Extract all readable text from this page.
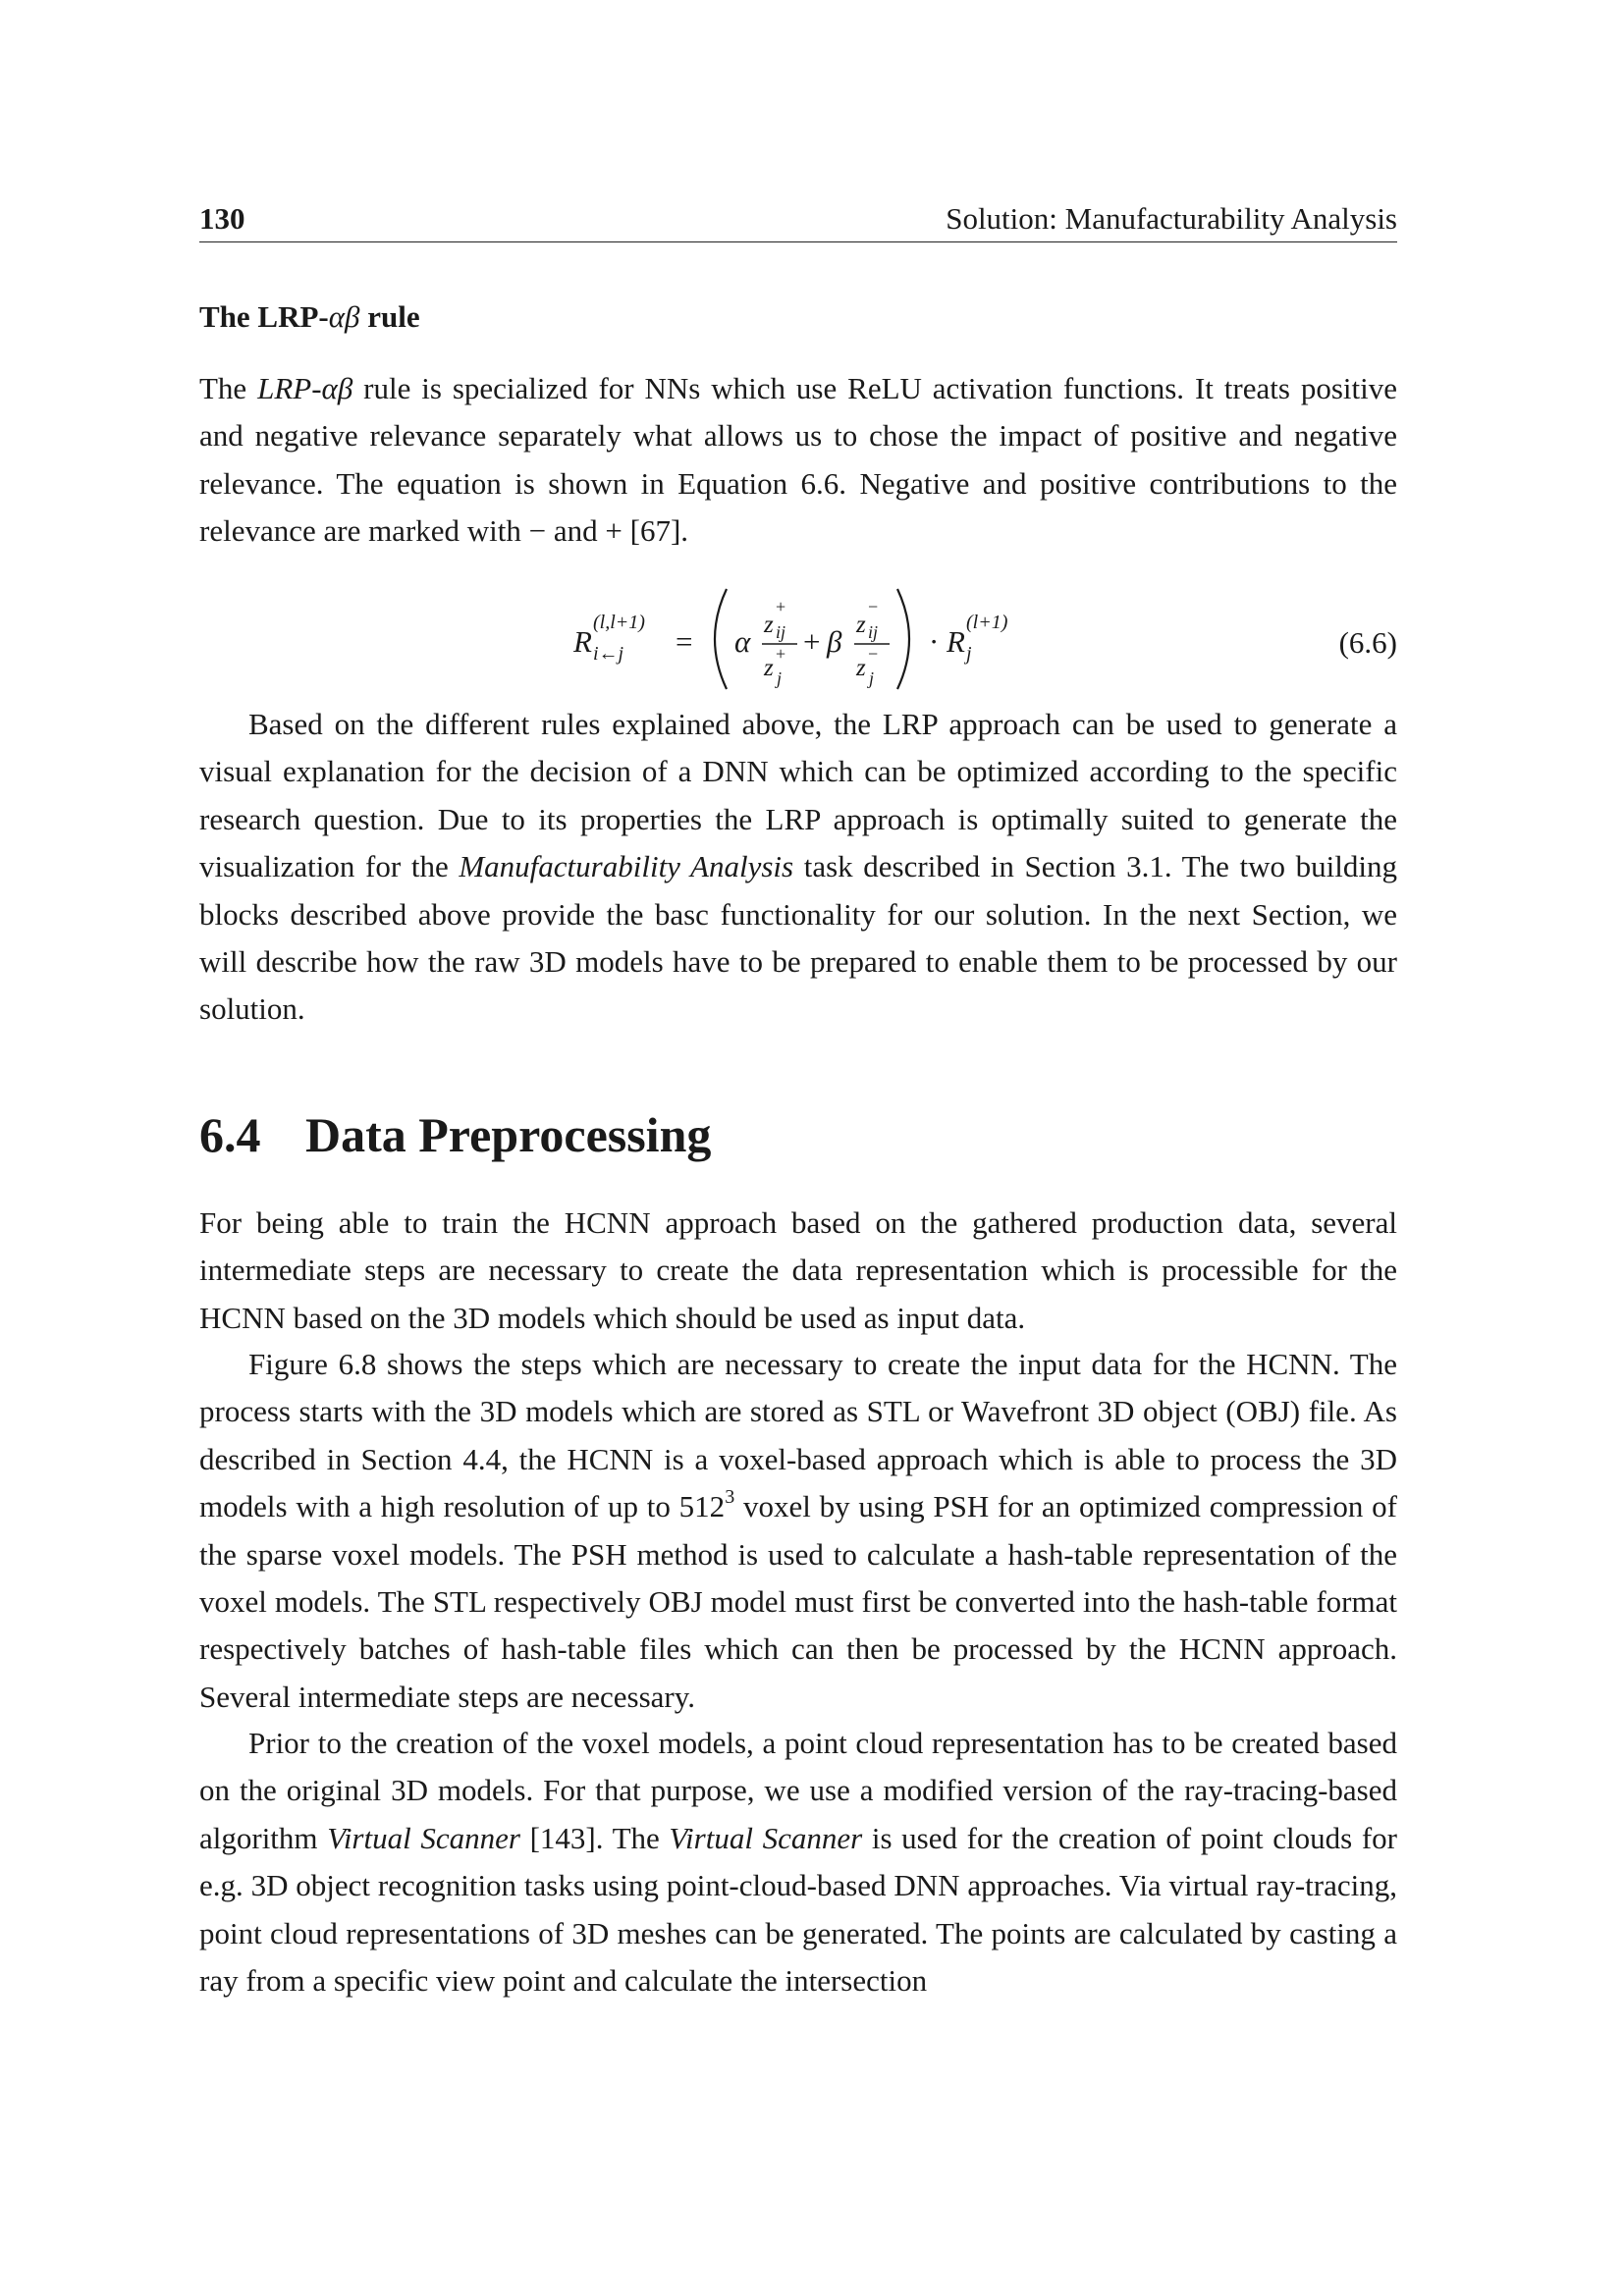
130	Solution: Manufacturability Analysis
The LRP-αβ rule

The LRP-αβ rule is specialized for NNs which use ReLU activation functions. It treats positive and negative relevance separately what allows us to chose the impact of positive and negative relevance. The equation is shown in Equation 6.6. Negative and positive contributions to the relevance are marked with − and + [67].

R
(l,l+1)
i←j = α z
+
ij
z
+
j
+ β z
−
ij
z
−
j
· R
(l+1)
j	(6.6)

Based on the different rules explained above, the LRP approach can be used to generate a visual explanation for the decision of a DNN which can be optimized according to the specific research question. Due to its properties the LRP approach is optimally suited to generate the visualization for the Manufacturability Analysis task described in Section 3.1. The two building blocks described above provide the basc functionality for our solution. In the next Section, we will describe how the raw 3D models have to be prepared to enable them to be processed by our solution.

6.4 Data Preprocessing

For being able to train the HCNN approach based on the gathered production data, several intermediate steps are necessary to create the data representation which is processible for the HCNN based on the 3D models which should be used as input data.

Figure 6.8 shows the steps which are necessary to create the input data for the HCNN. The process starts with the 3D models which are stored as STL or Wavefront 3D object (OBJ) file. As described in Section 4.4, the HCNN is a voxel-based approach which is able to process the 3D models with a high resolution of up to $512^3$ voxel by using PSH for an optimized compression of the sparse voxel models. The PSH method is used to calculate a hash-table representation of the voxel models. The STL respectively OBJ model must first be converted into the hash-table format respectively batches of hash-table files which can then be processed by the HCNN approach. Several intermediate steps are necessary.

Prior to the creation of the voxel models, a point cloud representation has to be created based on the original 3D models. For that purpose, we use a modified version of the ray-tracing-based algorithm Virtual Scanner [143]. The Virtual Scanner is used for the creation of point clouds for e.g. 3D object recognition tasks using point-cloud-based DNN approaches. Via virtual ray-tracing, point cloud representations of 3D meshes can be generated. The points are calculated by casting a ray from a specific view point and calculate the intersection
